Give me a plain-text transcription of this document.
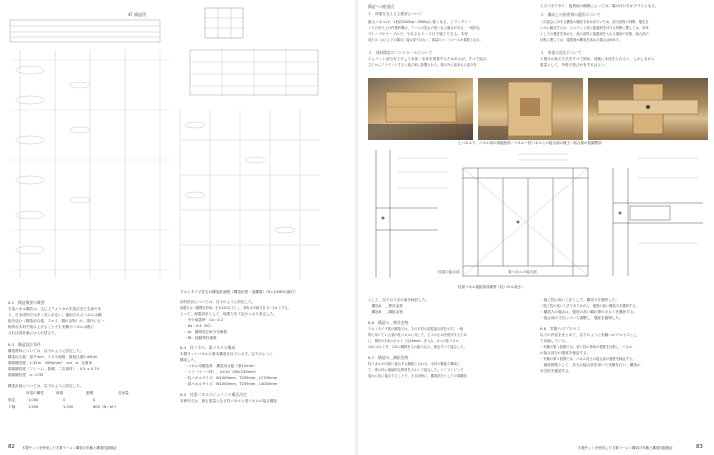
4F 構造図
プロトタイプ住宅の構造計画図（構造伏図・架構図）（S=1/200の縮尺）
6-2　構造概要の概要
木造パネル構法は、主に上アメリカの木造住宅で主流であ
り、日本国内では多く見られない。適用されるパネルは鋼
板を包む（構造用合板、２×４、鋼の金物）が、国内にも一
般的な木材で組み上げることでも実験やパネルは既に
されば設計値には入れ替えた。
6-3　構造設計条件
構造材料については、以下のように設定した。
構造用合板：厚９mm、ＪＡＳ規格、最低比重0.45t/m
端面剛性度：1.32m　30N/m/m²　cm　α：比重率
端面剛性度（フレーム、基礎、二次部材）：0.5 ± 0.70
端面剛性度：a＝0.35
構造計画については、以下のように設定した。
床梁の剛性	荷重	割増	変形量
固定：	1,000	0	0
１軸：	1,500	1,500	600（N／m²）
部材設計については、以下のように設定した。
地震力は（層間変形角）を1/120以下とし、保有水平耐力を Z＝1.0 とする。
よって、耐震設計として、地震力を下記のとおり設定した。
・中小地震時：Co＝0.2
・Ds＝0.4（RC）
・Ai：層間変位角分布係数
・Rt：振動特性係数
6-4　柱パネル、梁パネルの構成
木製サッシパネルの基本構成を以下に示す。以下のように
構成した。
・パネル用構造材：構造用合板（厚12mm）
・リブ（リーバ材）：2×10（38×235mm）
・柱パネルサイズ：W1000mm、T255mm、L2700mm
・梁パネルサイズ：W1000mm、T255mm、L4000mm
6-5　柱梁パネルのジョイント構法決定
本研究では、最も重量となる柱パネルと梁パネルの接合構造
82 木製サッシを使用した木質ラーメン構造の実験と構造性能検証
構造への配慮点
１　荷重を支える主要部について
最大パネルは、1枚約200kg～300kgと重くなる。トラックレー
ンでの吊り上げ作業時間が、アームの長さの短くなる場合がある。一般的な
プレハブのケーブルで、やれるも１～２日で施工できる。木材
同士は（はとんどの場合）接合部ではなく、重量のコントロールが重要となる。
２　部材精度のコントロールについて
ジョイント部分を工夫して本体・本体を固着するためあるが、すべて組み
立てからアラウンドすると遊び率に影響された。現の外に組まれる部分を
えるべきであり、接着剤の種類によっては、場の付け方がプラスとなる。
３　構成上の接着剤の選択について
二次部会に対する構造の剛性を求め出たいため、部分部材の判断、強化を
いかに解決するか、ジョイント部に接着剤を付ける判断に関しては、単体
としての強度を高める、他の部材に接着剤を入れる場所の状態、結合部の
状態に関しては、接着剤が構造を高める場合は固めた。
４　荷重の設定について
１階分の柱の寸法をすべて固め、同様に本体を入れると、しかしながら
重量として、外壁で遊びが有すればよい。
上パネル下、パネル用の梁接続部／パネルー柱パネルとの接合部の様子／結合部の仮調整部
柱梁の接合部	梁パネルの接合部
柱梁パネル接続部詳細図（柱パネル高さ）
として、以下の２点の案を検討した。
　構造A　＿棒状金物
　構造B　＿鋼板金物
6-6　構造Ａ＿棒状金物
プロトタイプ梁の構造では、その木材の梁柱接合部を示す。一般
的に用いている梁の柱パネルに対して、ビスの止めを使用するため
に、棒状の2本のボルト（径16mm）を入れ、2つの柱パネル
14のボルトを、2本の鋼棒を入れ組み込み、固定すべて接合した。
6-7　構造Ｂ＿鋼板金物
柱パネルの内部に接合する鋼板と合わせ、木材の鋼板で構成し
て、梁の内に補助的な棒材をボルトで接合した。ドリフトピンで
梁から柱に接合することで、それ同時に、構造部分としての梁構造
・施工性の高い工法として、構造Ａを選択した。
・施工性の高い工法でありながら、強度の高い構造Ｂを選択する。
・構造Ａの場合は、強度の高い鋼の棒のボルトを選択する。
・接合部の寸法について調整し、強度を確保した。
6-8　実験へのプロセス
以下の内容をまとめて、以下のように実験へのプロセスとし
て計画している。
・実験の第１段階では、梁と柱の単体の強度を比較し、パネル
の接合部分の強度を検証する。
・実験の第２段階では、パネル同士の接合部の強度を検証する。
・最終段階として、実大の接合部を用いた実験を行い、構造の
安全性を確認する。
木製サッシを使用した木質ラーメン構造の実験と構造性能検証	83
